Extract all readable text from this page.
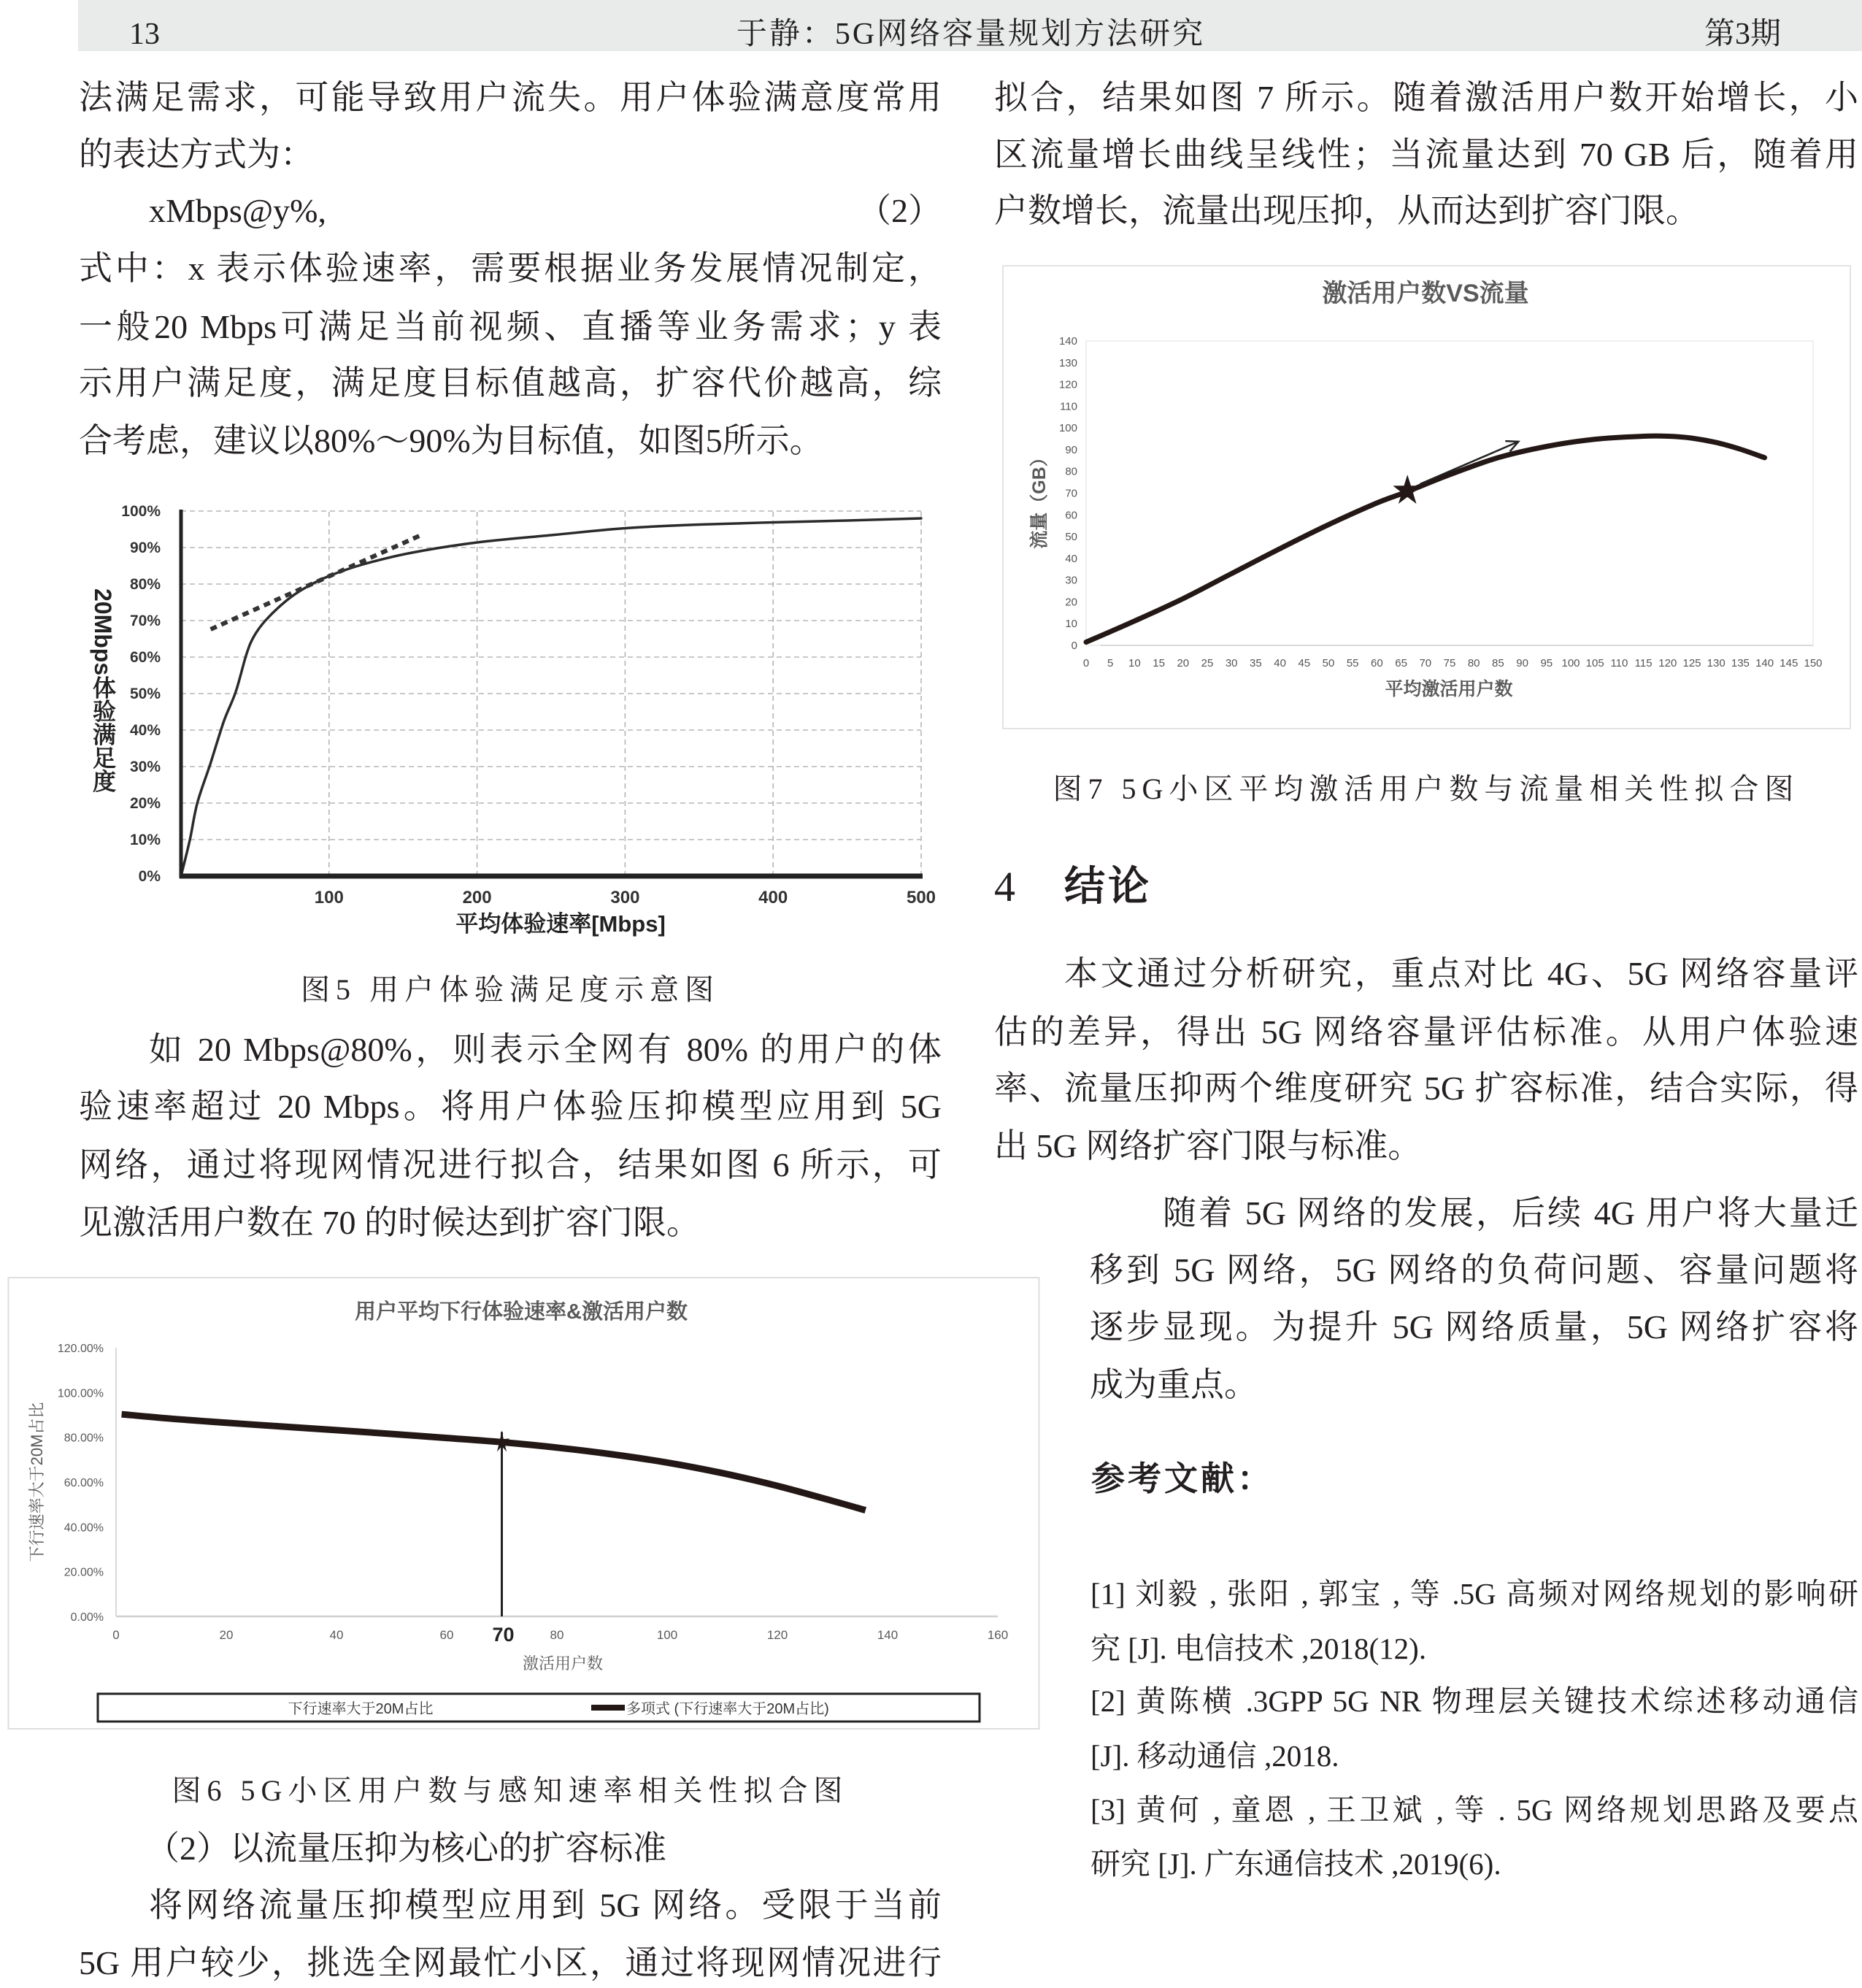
13	于静：5G网络容量规划方法研究	第3期
法满足需求，可能导致用户流失。用户体验满意度常用
的表达方式为：
xMbps@y%,	（2）
式中：x 表示体验速率，需要根据业务发展情况制定，
一般20 Mbps可满足当前视频、直播等业务需求；y 表
示用户满足度，满足度目标值越高，扩容代价越高，综
合考虑，建议以80%～90%为目标值，如图5所示。
0%
10%
20%
30%
40%
50%
60%
70%
80%
90%
100%
100	200	300	400	500
平均体验速率[Mbps]
20Mbps体验满足度
图5 用户体验满足度示意图
如 20 Mbps@80%，则表示全网有 80% 的用户的体
验速率超过 20 Mbps。将用户体验压抑模型应用到 5G
网络，通过将现网情况进行拟合，结果如图 6 所示，可
见激活用户数在 70 的时候达到扩容门限。
用户平均下行体验速率&激活用户数
0.00%
20.00%
40.00%
60.00%
80.00%
100.00%
120.00%
0	20	40	60	80	100	120	140	160
70
激活用户数
下行速率大于20M占比
下行速率大于20M占比	多项式 (下行速率大于20M占比)
图6 5G小区用户数与感知速率相关性拟合图
（2）以流量压抑为核心的扩容标准
将网络流量压抑模型应用到 5G 网络。受限于当前
5G 用户较少，挑选全网最忙小区，通过将现网情况进行
拟合，结果如图 7 所示。随着激活用户数开始增长，小
区流量增长曲线呈线性；当流量达到 70 GB 后，随着用
户数增长，流量出现压抑，从而达到扩容门限。
激活用户数VS流量
0
10
20
30
40
50
60
70
80
90
100
110
120
130
140
0 5 10 15 20 25 30 35 40 45 50 55 60 65 70 75 80 85 90 95 100 105 110 115 120 125 130 135 140 145 150
平均激活用户数
流量（GB）
图7 5G小区平均激活用户数与流量相关性拟合图
4 结论
本文通过分析研究，重点对比 4G、5G 网络容量评
估的差异，得出 5G 网络容量评估标准。从用户体验速
率、流量压抑两个维度研究 5G 扩容标准，结合实际，得
出 5G 网络扩容门限与标准。
随着 5G 网络的发展，后续 4G 用户将大量迁
移到 5G 网络，5G 网络的负荷问题、容量问题将
逐步显现。为提升 5G 网络质量，5G 网络扩容将
成为重点。
参考文献：
[1] 刘毅 , 张阳 , 郭宝 , 等 .5G 高频对网络规划的影响研
究 [J]. 电信技术 ,2018(12).
[2] 黄陈横 .3GPP 5G NR 物理层关键技术综述移动通信
[J]. 移动通信 ,2018.
[3] 黄何 , 童恩 , 王卫斌 , 等 . 5G 网络规划思路及要点
研究 [J]. 广东通信技术 ,2019(6).
